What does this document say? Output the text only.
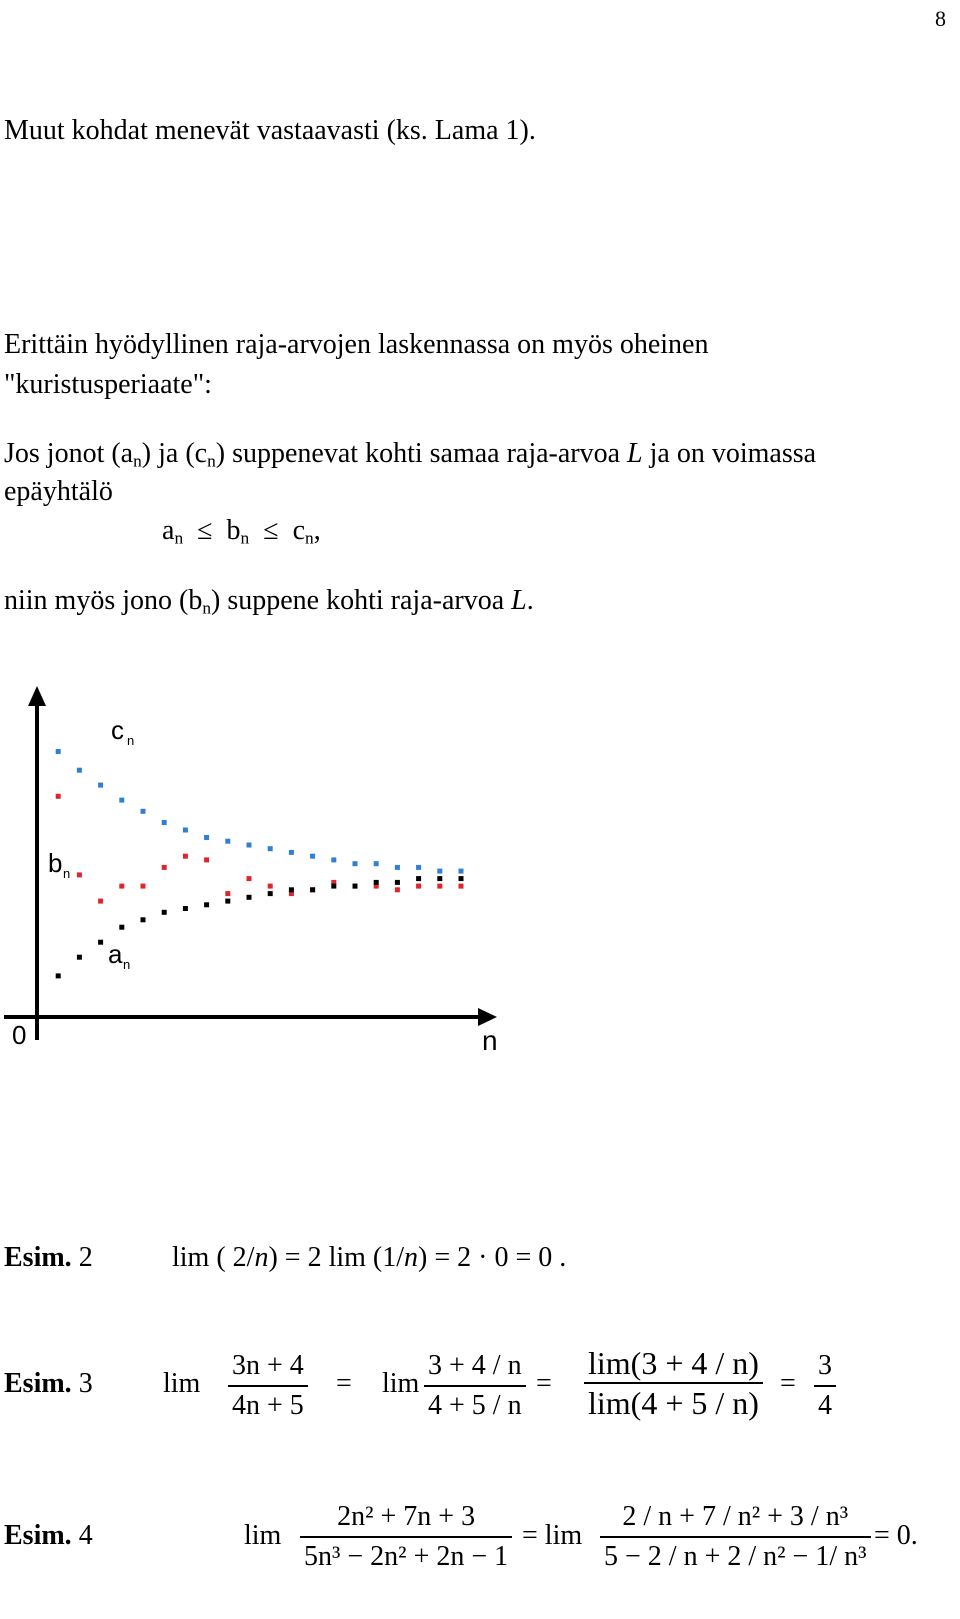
8
Muut kohdat menevät vastaavasti (ks. Lama 1).
Erittäin hyödyllinen raja-arvojen laskennassa on myös oheinen
"kuristusperiaate":
Jos jonot $(a_n)$ ja $(c_n)$ suppenevat kohti samaa raja-arvoa L ja on voimassa
epäyhtälö
$a_n \le b_n \le c_n$,
niin myös jono $(b_n)$ suppene kohti raja-arvoa L.
c n
b n
a n
0	n
Esim. 2	lim ( 2/n) = 2 lim (1/n) = 2 · 0 = 0 .
Esim. 3	$\lim \frac{3n + 4}{4n + 5} = \lim \frac{3 + 4 / n}{4 + 5 / n} = \frac{\lim(3 + 4 / n)}{\lim(4 + 5 / n)} = \frac{3}{4}$
Esim. 4	$\lim \frac{\text{2n² + 7n + 3}}{\text{5n³ − 2n² + 2n − 1}} = \lim \frac{\text{2 / n + 7 / n² + 3 / n³}}{\text{5 − 2 / n + 2 / n² − 1/ n³}} = 0$.
